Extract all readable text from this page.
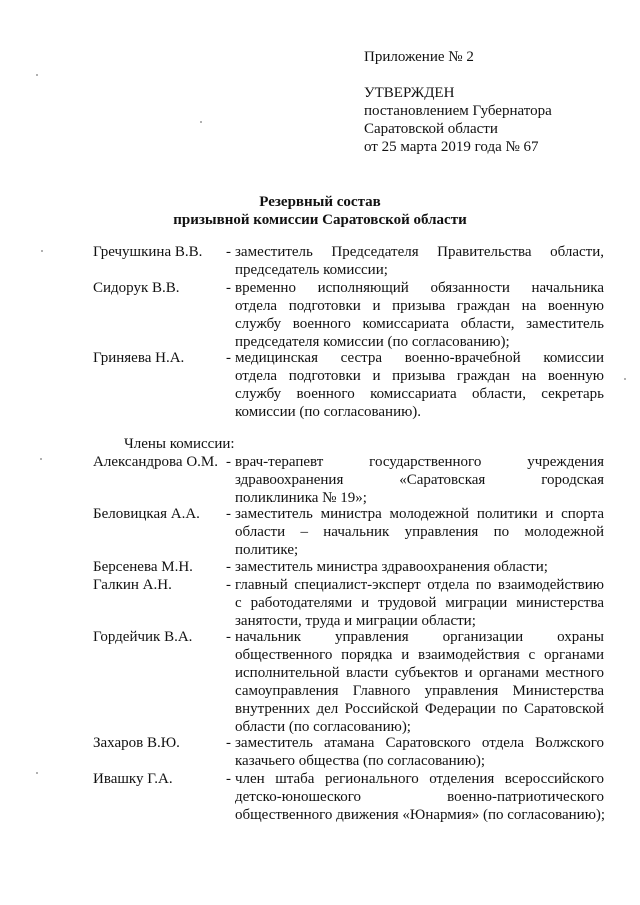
Приложение № 2
УТВЕРЖДЕН
постановлением Губернатора
Саратовской области
от 25 марта 2019 года № 67
Резервный состав
призывной комиссии Саратовской области
Гречушкина В.В. - заместитель Председателя Правительства области,
председатель комиссии;
Сидорук В.В.	- временно исполняющий обязанности начальника
отдела подготовки и призыва граждан на военную
службу военного комиссариата области, заместитель
председателя комиссии (по согласованию);
Гриняева Н.А.	- медицинская сестра военно-врачебной комиссии
отдела подготовки и призыва граждан на военную
службу военного комиссариата области, секретарь
комиссии (по согласованию).
Члены комиссии:
Александрова О.М. - врач-терапевт государственного учреждения
здравоохранения «Саратовская городская
поликлиника № 19»;
Беловицкая А.А. - заместитель министра молодежной политики и спорта
области – начальник управления по молодежной
политике;
Берсенева М.Н. - заместитель министра здравоохранения области;
Галкин А.Н.	- главный специалист-эксперт отдела по взаимодействию
с работодателями и трудовой миграции министерства
занятости, труда и миграции области;
Гордейчик В.А. - начальник управления организации охраны
общественного порядка и взаимодействия с органами
исполнительной власти субъектов и органами местного
самоуправления Главного управления Министерства
внутренних дел Российской Федерации по Саратовской
области (по согласованию);
Захаров В.Ю.	- заместитель атамана Саратовского отдела Волжского
казачьего общества (по согласованию);
Ивашку Г.А.	- член штаба регионального отделения всероссийского
детско-юношеского военно-патриотического
общественного движения «Юнармия» (по согласованию);
